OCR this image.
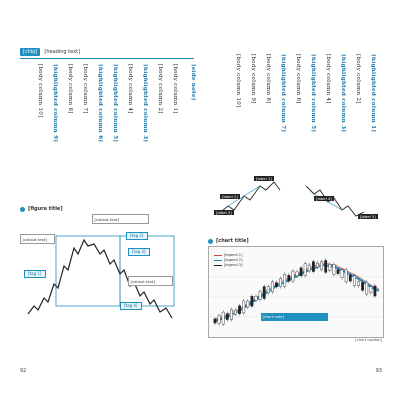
[chip]	[heading text]
[body column 1]
[body column 2]
[highlighted column 3]
[body column 4]
[highlighted column 5]
[highlighted column 6]
[body column 7]
[body column 8]
[highlighted column 9]
[body column 10]	[side note]
[figure title]
[callout text]
[callout text]
[callout text]
[tag 1]
[tag 2]
[tag 3]
[tag 4]
92
[highlighted column 1]
[body column 2]
[highlighted column 3]
[body column 4]
[highlighted column 5]
[body column 6]
[highlighted column 7]
[body column 8]
[body column 9]
[body column 10]
[label 1]
[label 2]
[label 3]
[label 4]
[label 5]
[chart title]
[legend 1]
[legend 2]
[legend 3]
[chart note]
[chart caption]
93
